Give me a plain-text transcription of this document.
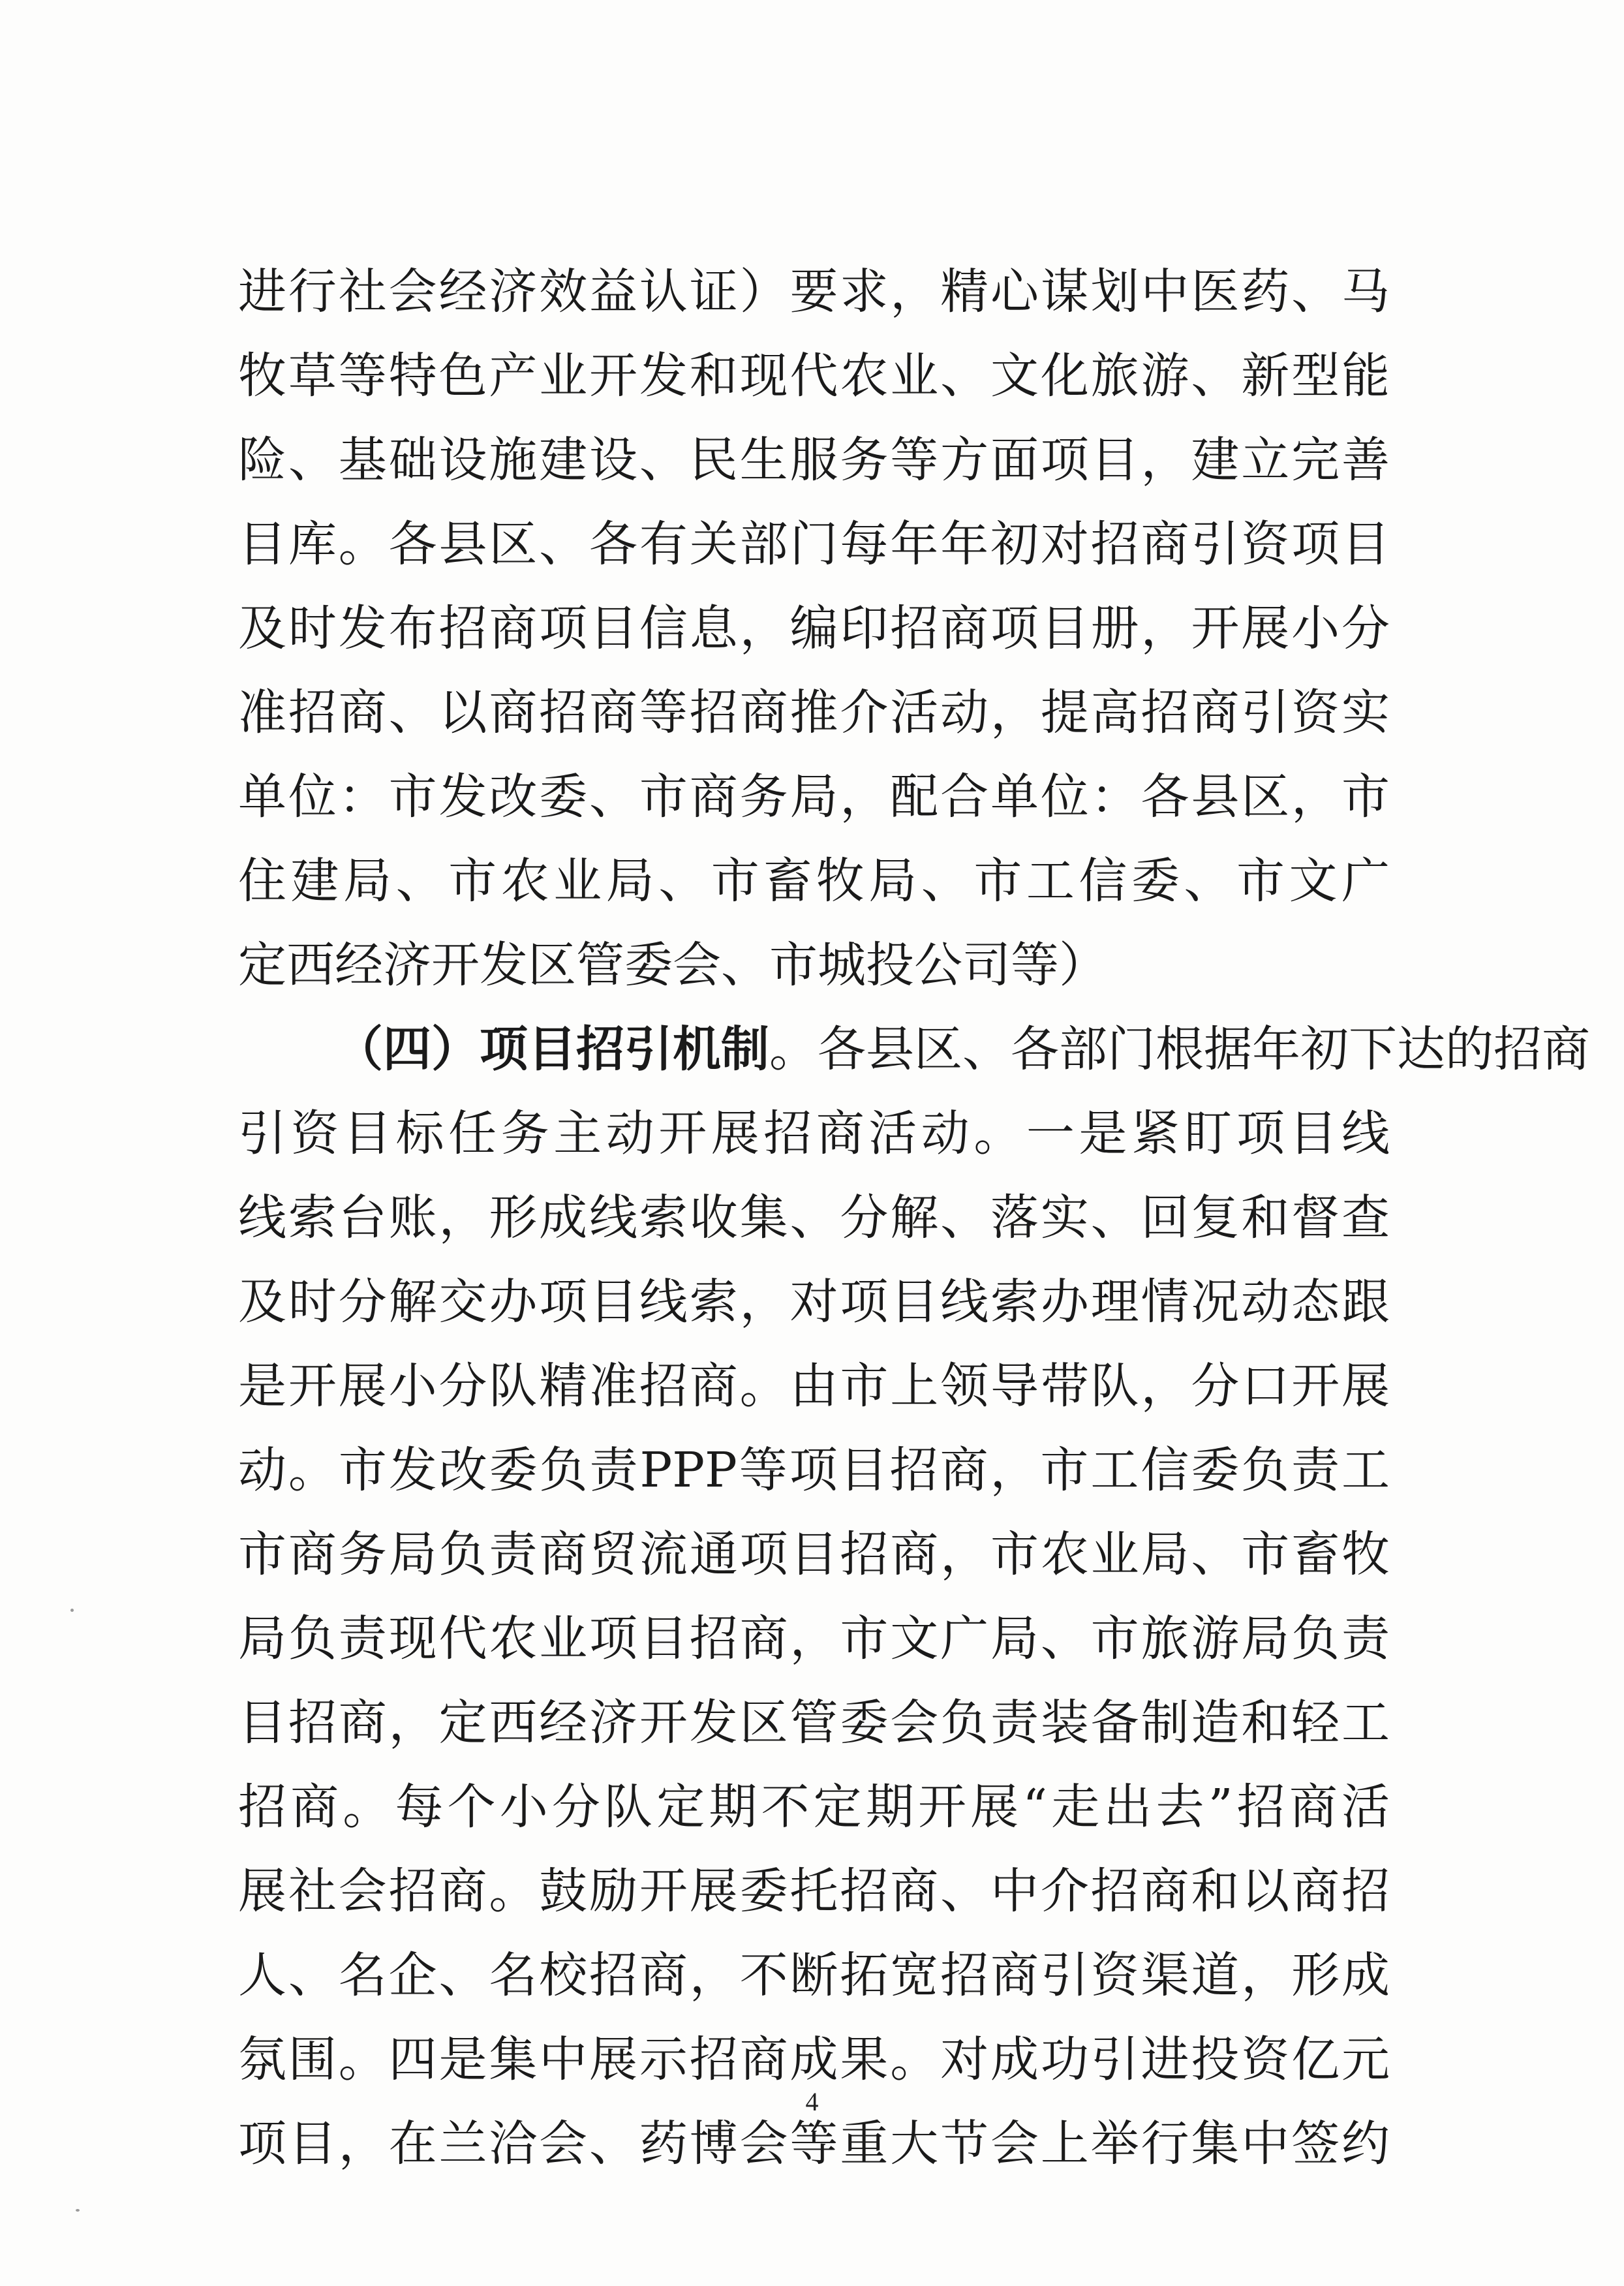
进行社会经济效益认证）要求，精心谋划中医药、马
牧草等特色产业开发和现代农业、文化旅游、新型能
险、基础设施建设、民生服务等方面项目，建立完善
目库。各县区、各有关部门每年年初对招商引资项目
及时发布招商项目信息，编印招商项目册，开展小分
准招商、以商招商等招商推介活动，提高招商引资实
单位：市发改委、市商务局，配合单位：各县区，市
住建局、市农业局、市畜牧局、市工信委、市文广
定西经济开发区管委会、市城投公司等）
（四）项目招引机制。各县区、各部门根据年初下达的招商
引资目标任务主动开展招商活动。一是紧盯项目线
线索台账，形成线索收集、分解、落实、回复和督查
及时分解交办项目线索，对项目线索办理情况动态跟
是开展小分队精准招商。由市上领导带队，分口开展
动。市发改委负责PPP等项目招商，市工信委负责工
市商务局负责商贸流通项目招商，市农业局、市畜牧
局负责现代农业项目招商，市文广局、市旅游局负责
目招商，定西经济开发区管委会负责装备制造和轻工
招商。每个小分队定期不定期开展“走出去”招商活
展社会招商。鼓励开展委托招商、中介招商和以商招
人、名企、名校招商，不断拓宽招商引资渠道，形成
氛围。四是集中展示招商成果。对成功引进投资亿元
项目，在兰洽会、药博会等重大节会上举行集中签约
4
